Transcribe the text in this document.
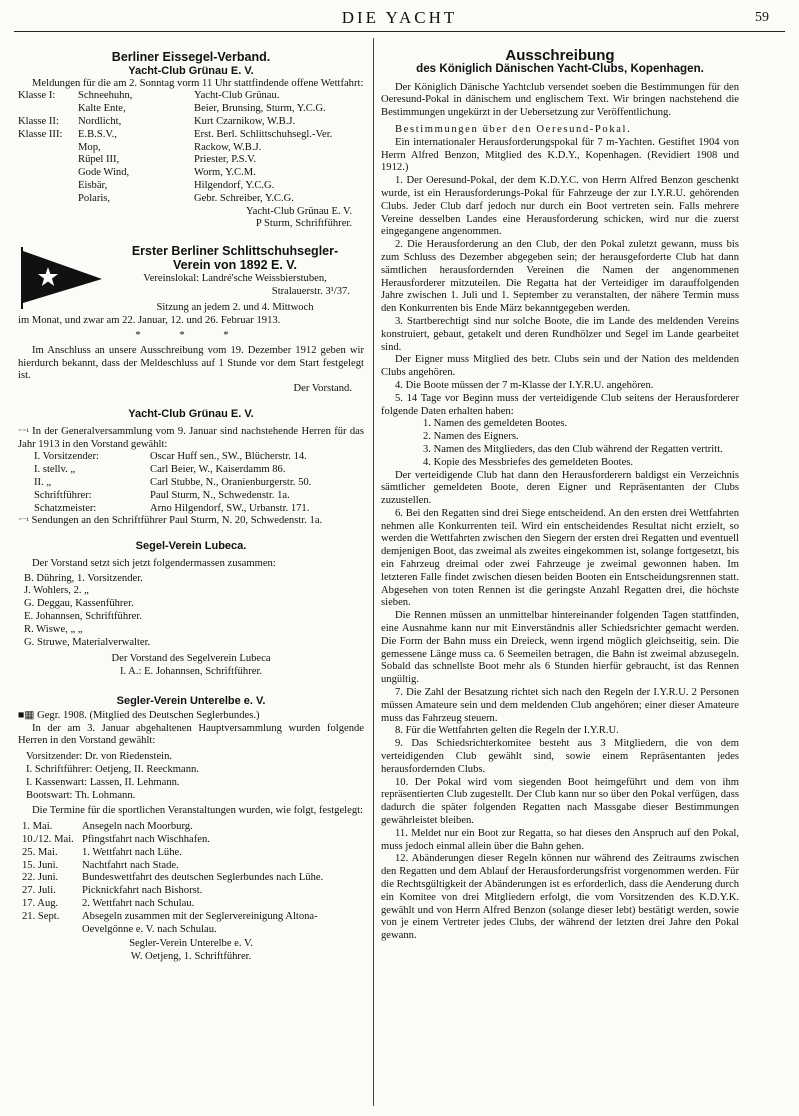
DIE YACHT	59
Berliner Eissegel-Verband.
Yacht-Club Grünau E. V.

Meldungen für die am 2. Sonntag vorm 11 Uhr stattfindende offene Wettfahrt:

Klasse I:	Schneehuhn,	Yacht-Club Grünau.
Kalte Ente,	Beier, Brunsing, Sturm, Y.C.G.
Klasse II:	Nordlicht,	Kurt Czarnikow, W.B.J.
Klasse III:	E.B.S.V.,	Erst. Berl. Schlittschuhsegl.-Ver.
Mop,	Rackow, W.B.J.
Rüpel III,	Priester, P.S.V.
Gode Wind,	Worm, Y.C.M.
Eisbär,	Hilgendorf, Y.C.G.
Polaris,	Gebr. Schreiber, Y.C.G.
Yacht-Club Grünau E. V.
P Sturm, Schriftführer.
Erster Berliner Schlittschuhsegler-
Verein von 1892 E. V.
Vereinslokal: Landré'sche Weissbierstuben,
Stralauerstr. 3¹/37.
Sitzung an jedem 2. und 4. Mittwoch
im Monat, und zwar am 22. Januar, 12. und 26. Februar 1913.
* * *

Im Anschluss an unsere Ausschreibung vom 19. Dezember 1912 geben wir hierdurch bekannt, dass der Meldeschluss auf 1 Stunde vor dem Start festgelegt ist.

Der Vorstand.
Yacht-Club Grünau E. V.

⁼⁼¹ In der Generalversammlung vom 9. Januar sind nachstehende Herren für das Jahr 1913 in den Vorstand gewählt:

I. Vorsitzender:	Oscar Huff sen., SW., Blücherstr. 14.
I. stellv. „	Carl Beier, W., Kaiserdamm 86.
II. „	Carl Stubbe, N., Oranienburgerstr. 50.
Schriftführer:	Paul Sturm, N., Schwedenstr. 1a.
Schatzmeister:	Arno Hilgendorf, SW., Urbanstr. 171.

⁼⁻¹ Sendungen an den Schriftführer Paul Sturm, N. 20, Schwedenstr. 1a.

Segel-Verein Lubeca.

Der Vorstand setzt sich jetzt folgendermassen zusammen:

B. Dühring, 1. Vorsitzender.
J. Wohlers, 2. „
G. Deggau, Kassenführer.
E. Johannsen, Schriftführer.
R. Wiswe, „ „
G. Struwe, Materialverwalter.
Der Vorstand des Segelverein Lubeca
I. A.: E. Johannsen, Schriftführer.
Segler-Verein Unterelbe e. V.
■▦ Gegr. 1908. (Mitglied des Deutschen Seglerbundes.)

In der am 3. Januar abgehaltenen Hauptversammlung wurden folgende Herren in den Vorstand gewählt:

Vorsitzender: Dr. von Riedenstein.
I. Schriftführer: Oetjeng, II. Reeckmann.
I. Kassenwart: Lassen, II. Lehmann.
Bootswart: Th. Lohmann.

Die Termine für die sportlichen Veranstaltungen wurden, wie folgt, festgelegt:

1. Mai.	Ansegeln nach Moorburg.
10./12. Mai. Pfingstfahrt nach Wischhafen.
25. Mai.	1. Wettfahrt nach Lühe.
15. Juni.	Nachtfahrt nach Stade.
22. Juni.	Bundeswettfahrt des deutschen Seglerbundes nach Lühe.
27. Juli.	Picknickfahrt nach Bishorst.
17. Aug.	2. Wettfahrt nach Schulau.
21. Sept.	Absegeln zusammen mit der Seglervereinigung Altona-Oevelgönne e. V. nach Schulau.
Segler-Verein Unterelbe e. V.
W. Oetjeng, 1. Schriftführer.
Ausschreibung
des Königlich Dänischen Yacht-Clubs, Kopenhagen.

Der Königlich Dänische Yachtclub versendet soeben die Bestimmungen für den Oeresund-Pokal in dänischem und englischem Text. Wir bringen nachstehend die Bestimmungen ungekürzt in der Uebersetzung zur Veröffentlichung.

Bestimmungen über den Oeresund-Pokal.

Ein internationaler Herausforderungspokal für 7 m-Yachten. Gestiftet 1904 von Herrn Alfred Benzon, Mitglied des K.D.Y., Kopenhagen. (Revidiert 1908 und 1912.)

1. Der Oeresund-Pokal, der dem K.D.Y.C. von Herrn Alfred Benzon geschenkt wurde, ist ein Herausforderungs-Pokal für Fahrzeuge der zur I.Y.R.U. gehörenden Clubs. Jeder Club darf jedoch nur durch ein Boot vertreten sein. Falls mehrere Vereine desselben Landes eine Herausforderung schicken, wird nur die zuerst eingegangene angenommen.

2. Die Herausforderung an den Club, der den Pokal zuletzt gewann, muss bis zum Schluss des Dezember abgegeben sein; der herausgeforderte Club hat dann sämtlichen herausfordernden Vereinen die Namen der angenommenen Herausforderer mitzuteilen. Die Regatta hat der Verteidiger im darauffolgenden Jahre zwischen 1. Juli und 1. September zu veranstalten, der nähere Termin muss den Konkurrenten bis Ende März bekanntgegeben werden.

3. Startberechtigt sind nur solche Boote, die im Lande des meldenden Vereins konstruiert, gebaut, getakelt und deren Rundhölzer und Segel im Lande gearbeitet sind.

Der Eigner muss Mitglied des betr. Clubs sein und der Nation des meldenden Clubs angehören.

4. Die Boote müssen der 7 m-Klasse der I.Y.R.U. angehören.

5. 14 Tage vor Beginn muss der verteidigende Club seitens der Herausforderer folgende Daten erhalten haben:

1. Namen des gemeldeten Bootes.
2. Namen des Eigners.
3. Namen des Mitglieders, das den Club während der Regatten vertritt.
4. Kopie des Messbriefes des gemeldeten Bootes.

Der verteidigende Club hat dann den Herausforderern baldigst ein Verzeichnis sämtlicher gemeldeten Boote, deren Eigner und Repräsentanten der Clubs zuzustellen.

6. Bei den Regatten sind drei Siege entscheidend. An den ersten drei Wettfahrten nehmen alle Konkurrenten teil. Wird ein entscheidendes Resultat nicht erzielt, so werden die Wettfahrten zwischen den Siegern der ersten drei Regatten und eventuell demjenigen Boot, das zweimal als zweites eingekommen ist, solange fortgesetzt, bis ein Fahrzeug dreimal oder zwei Fahrzeuge je zweimal gewonnen haben. Im letzteren Falle findet zwischen diesen beiden Booten ein Entscheidungsrennen statt. Abgesehen von toten Rennen ist die geringste Anzahl Regatten drei, die höchste sieben.

Die Rennen müssen an unmittelbar hintereinander folgenden Tagen stattfinden, eine Ausnahme kann nur mit Einverständnis aller Schiedsrichter gemacht werden. Die Form der Bahn muss ein Dreieck, wenn irgend möglich gleichseitig, sein. Die gemessene Länge muss ca. 6 Seemeilen betragen, die Bahn ist zweimal abzusegeln. Sobald das schnellste Boot mehr als 6 Stunden hierfür gebraucht, ist das Rennen ungültig.

7. Die Zahl der Besatzung richtet sich nach den Regeln der I.Y.R.U. 2 Personen müssen Amateure sein und dem meldenden Club angehören; einer dieser Amateure muss das Fahrzeug steuern.

8. Für die Wettfahrten gelten die Regeln der I.Y.R.U.

9. Das Schiedsrichterkomitee besteht aus 3 Mitgliedern, die von dem verteidigenden Club gewählt sind, sowie einem Repräsentanten jedes herausfordernden Clubs.

10. Der Pokal wird vom siegenden Boot heimgeführt und dem von ihm repräsentierten Club zugestellt. Der Club kann nur so über den Pokal verfügen, dass dadurch die später folgenden Regatten nach Massgabe dieser Bestimmungen gewährleistet bleiben.

11. Meldet nur ein Boot zur Regatta, so hat dieses den Anspruch auf den Pokal, muss jedoch einmal allein über die Bahn gehen.

12. Abänderungen dieser Regeln können nur während des Zeitraums zwischen den Regatten und dem Ablauf der Herausforderungsfrist vorgenommen werden. Für die Rechtsgültigkeit der Abänderungen ist es erforderlich, dass die Aenderung durch ein Komitee von drei Mitgliedern erfolgt, die vom Vorsitzenden des K.D.Y.K. gewählt und von Herrn Alfred Benzon (solange dieser lebt) bestätigt werden, sowie von je einem Vertreter jedes Clubs, der während der letzten drei Jahre den Pokal gewann.
